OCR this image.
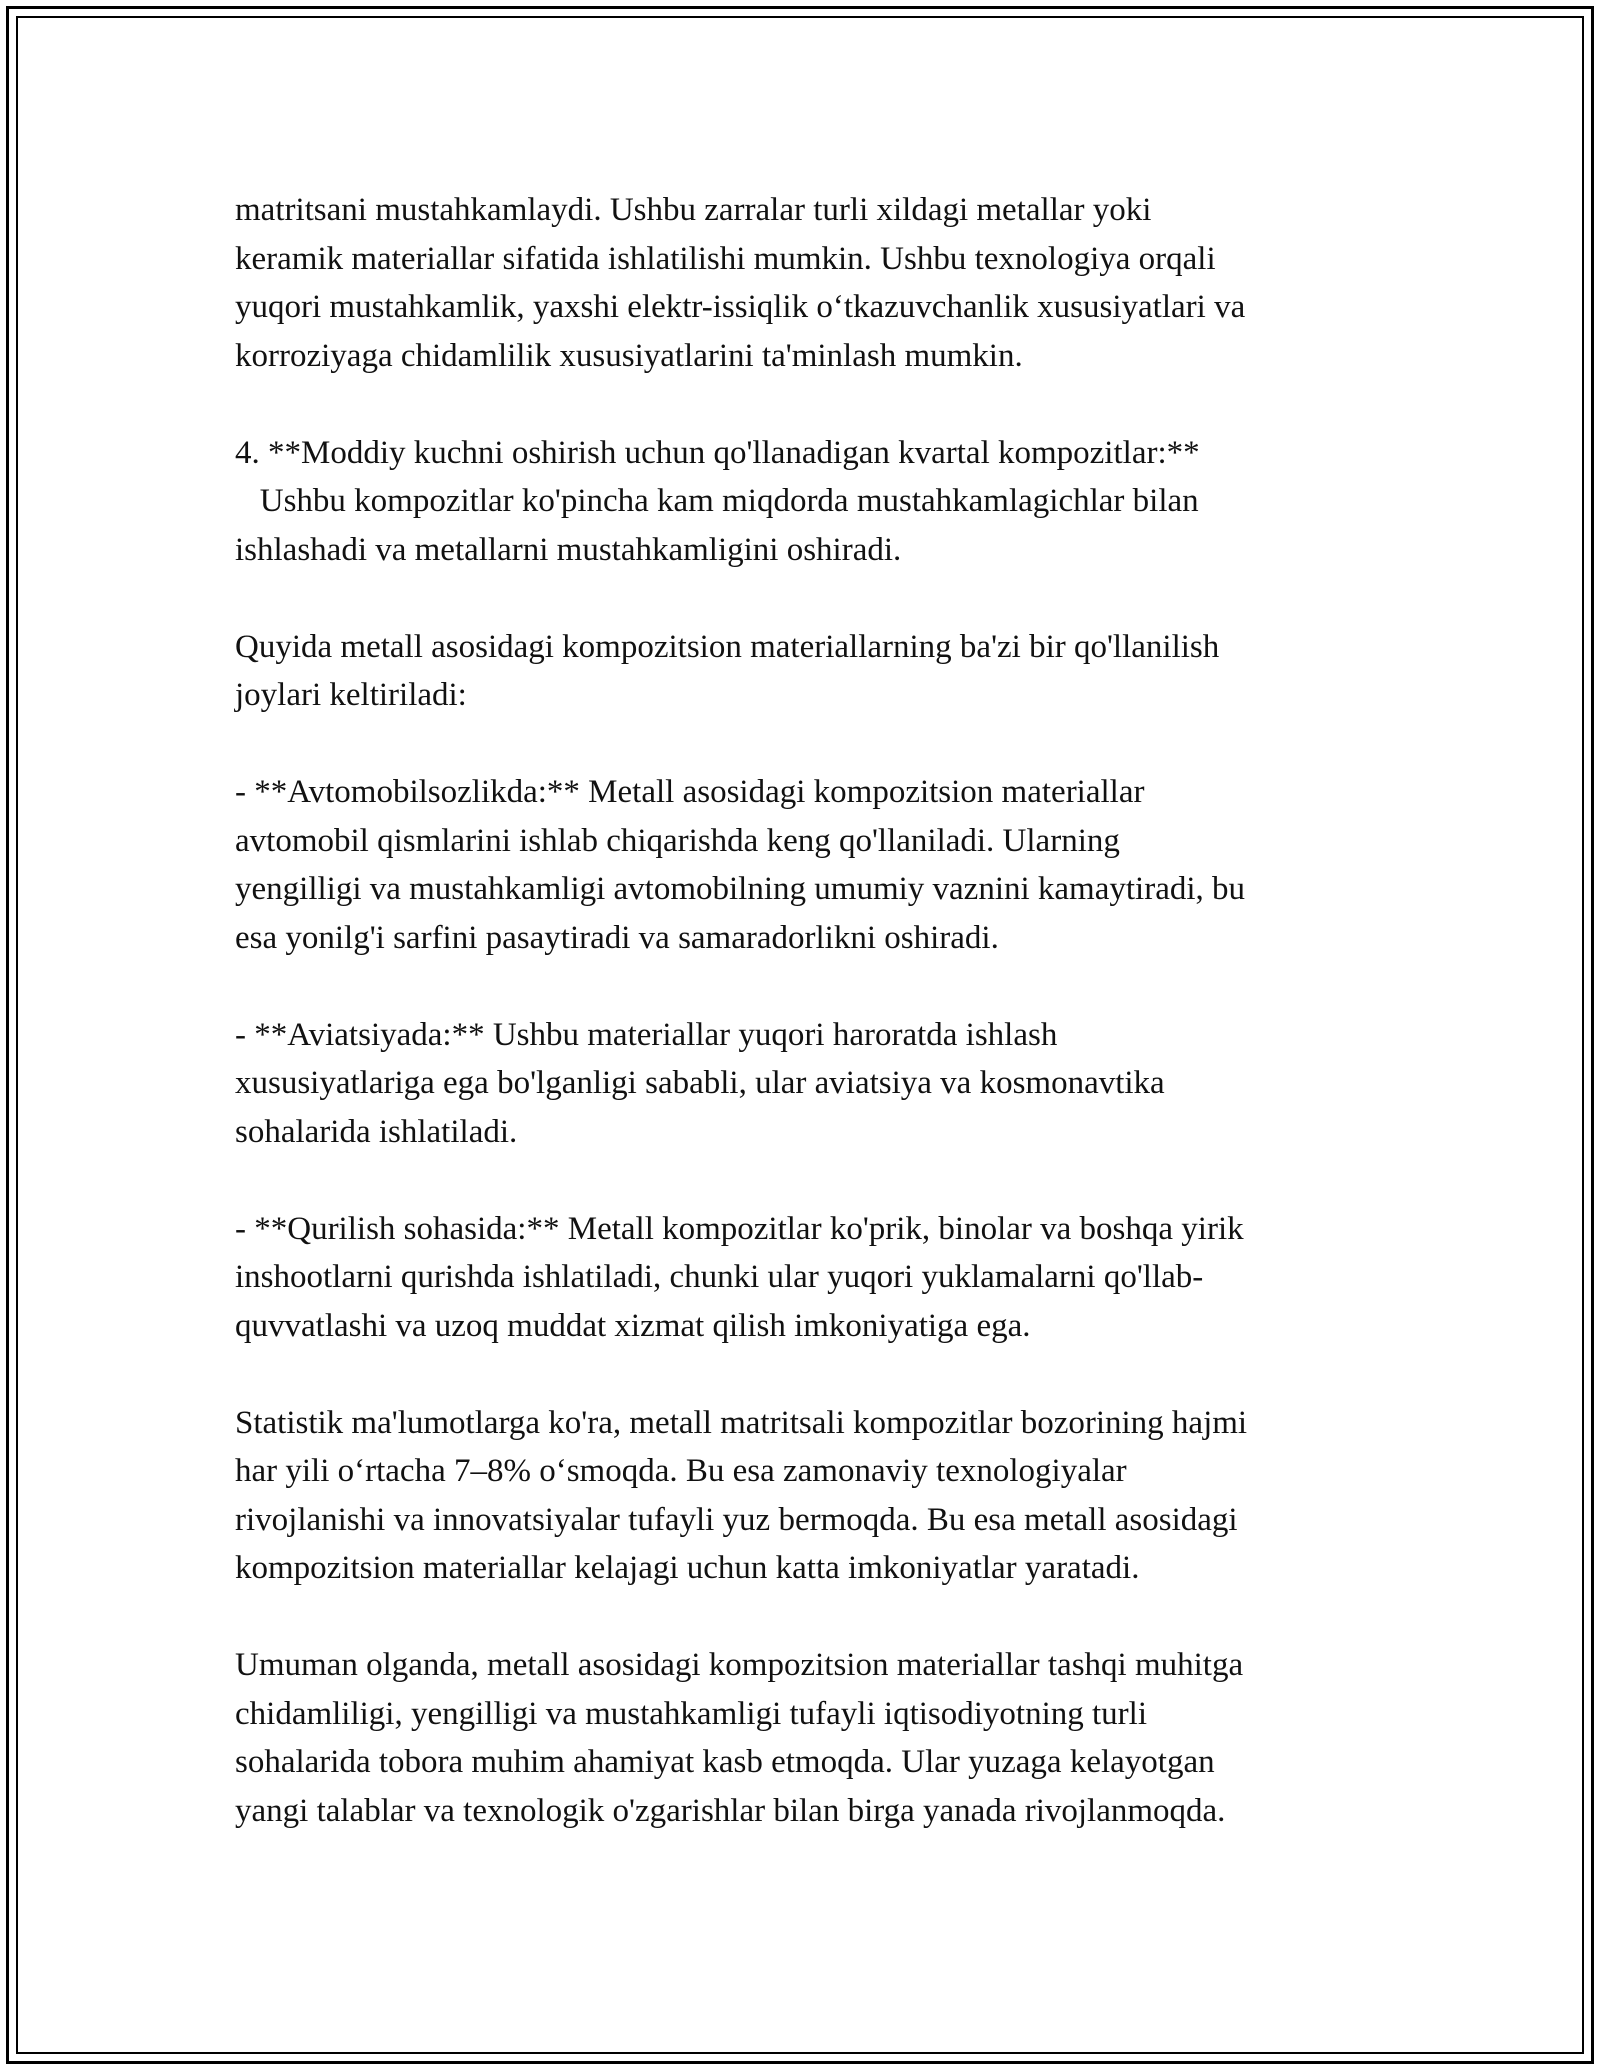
matritsani mustahkamlaydi. Ushbu zarralar turli xildagi metallar yoki
keramik materiallar sifatida ishlatilishi mumkin. Ushbu texnologiya orqali
yuqori mustahkamlik, yaxshi elektr-issiqlik o‘tkazuvchanlik xususiyatlari va
korroziyaga chidamlilik xususiyatlarini ta'minlash mumkin.

4. **Moddiy kuchni oshirish uchun qo'llanadigan kvartal kompozitlar:**
Ushbu kompozitlar ko'pincha kam miqdorda mustahkamlagichlar bilan
ishlashadi va metallarni mustahkamligini oshiradi.

Quyida metall asosidagi kompozitsion materiallarning ba'zi bir qo'llanilish
joylari keltiriladi:

- **Avtomobilsozlikda:** Metall asosidagi kompozitsion materiallar
avtomobil qismlarini ishlab chiqarishda keng qo'llaniladi. Ularning
yengilligi va mustahkamligi avtomobilning umumiy vaznini kamaytiradi, bu
esa yonilg'i sarfini pasaytiradi va samaradorlikni oshiradi.

- **Aviatsiyada:** Ushbu materiallar yuqori haroratda ishlash
xususiyatlariga ega bo'lganligi sababli, ular aviatsiya va kosmonavtika
sohalarida ishlatiladi.

- **Qurilish sohasida:** Metall kompozitlar ko'prik, binolar va boshqa yirik
inshootlarni qurishda ishlatiladi, chunki ular yuqori yuklamalarni qo'llab-
quvvatlashi va uzoq muddat xizmat qilish imkoniyatiga ega.

Statistik ma'lumotlarga ko'ra, metall matritsali kompozitlar bozorining hajmi
har yili o‘rtacha 7–8% o‘smoqda. Bu esa zamonaviy texnologiyalar
rivojlanishi va innovatsiyalar tufayli yuz bermoqda. Bu esa metall asosidagi
kompozitsion materiallar kelajagi uchun katta imkoniyatlar yaratadi.

Umuman olganda, metall asosidagi kompozitsion materiallar tashqi muhitga
chidamliligi, yengilligi va mustahkamligi tufayli iqtisodiyotning turli
sohalarida tobora muhim ahamiyat kasb etmoqda. Ular yuzaga kelayotgan
yangi talablar va texnologik o'zgarishlar bilan birga yanada rivojlanmoqda.
